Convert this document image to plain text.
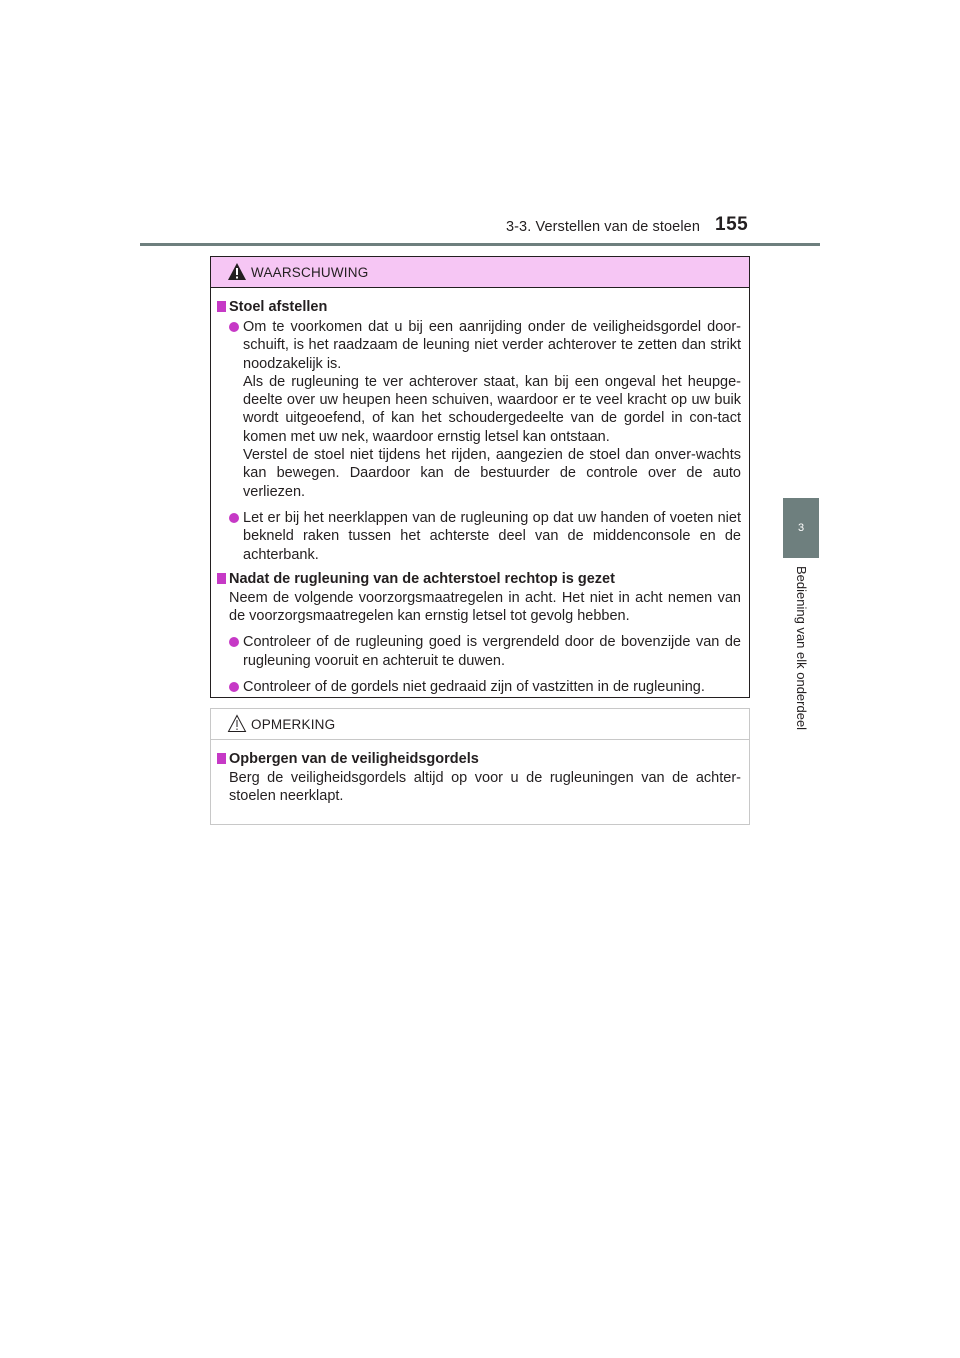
3-3. Verstellen van de stoelen 155
3
Bediening van elk onderdeel
WAARSCHUWING
Stoel afstellen
Om te voorkomen dat u bij een aanrijding onder de veiligheidsgordel door-schuift, is het raadzaam de leuning niet verder achterover te zetten dan strikt noodzakelijk is.
Als de rugleuning te ver achterover staat, kan bij een ongeval het heupge-deelte over uw heupen heen schuiven, waardoor er te veel kracht op uw buik wordt uitgeoefend, of kan het schoudergedeelte van de gordel in con-tact komen met uw nek, waardoor ernstig letsel kan ontstaan.
Verstel de stoel niet tijdens het rijden, aangezien de stoel dan onver-wachts kan bewegen. Daardoor kan de bestuurder de controle over de auto verliezen.
Let er bij het neerklappen van de rugleuning op dat uw handen of voeten niet bekneld raken tussen het achterste deel van de middenconsole en de achterbank.
Nadat de rugleuning van de achterstoel rechtop is gezet
Neem de volgende voorzorgsmaatregelen in acht. Het niet in acht nemen van de voorzorgsmaatregelen kan ernstig letsel tot gevolg hebben.
Controleer of de rugleuning goed is vergrendeld door de bovenzijde van de rugleuning vooruit en achteruit te duwen.
Controleer of de gordels niet gedraaid zijn of vastzitten in de rugleuning.
OPMERKING
Opbergen van de veiligheidsgordels
Berg de veiligheidsgordels altijd op voor u de rugleuningen van de achter-stoelen neerklapt.
